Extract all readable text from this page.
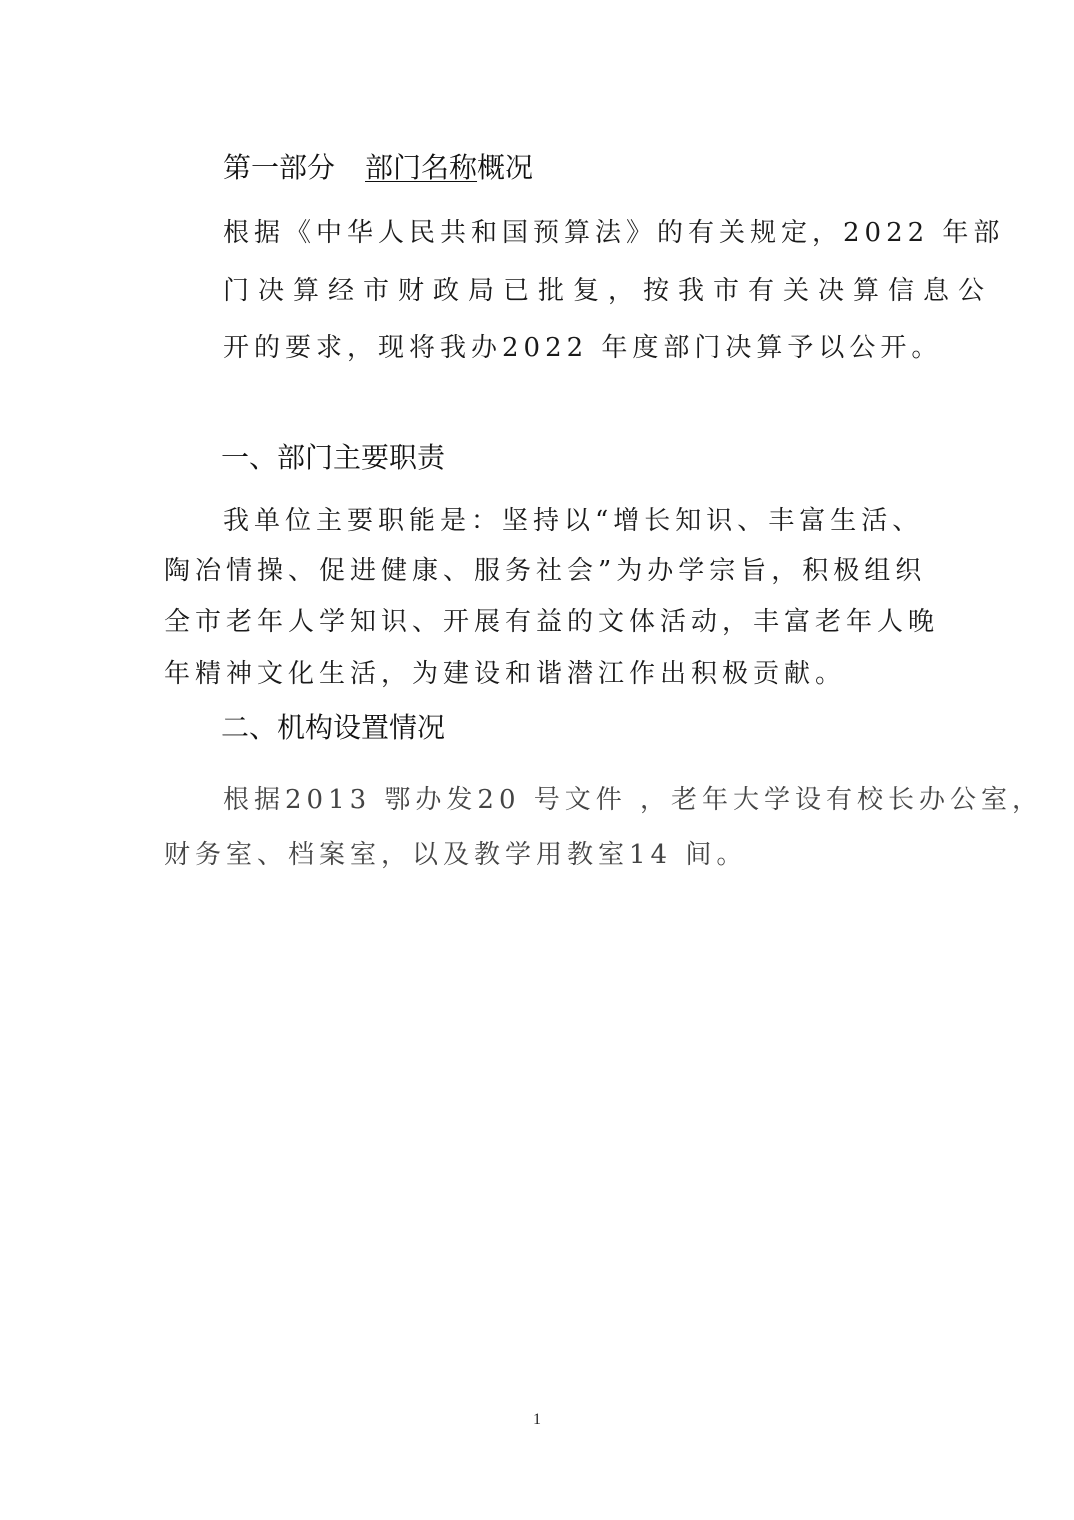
第一部分 部门名称概况
根据《中华人民共和国预算法》的有关规定，2022 年部
门决算经市财政局已批复，按我市有关决算信息公
开的要求，现将我办2022 年度部门决算予以公开。
一、部门主要职责
我单位主要职能是：坚持以“增长知识、丰富生活、
陶冶情操、促进健康、服务社会”为办学宗旨，积极组织
全市老年人学知识、开展有益的文体活动，丰富老年人晚
年精神文化生活，为建设和谐潜江作出积极贡献。
二、机构设置情况
根据2013 鄂办发20 号文件 ，老年大学设有校长办公室，
财务室、档案室，以及教学用教室14 间。
1
